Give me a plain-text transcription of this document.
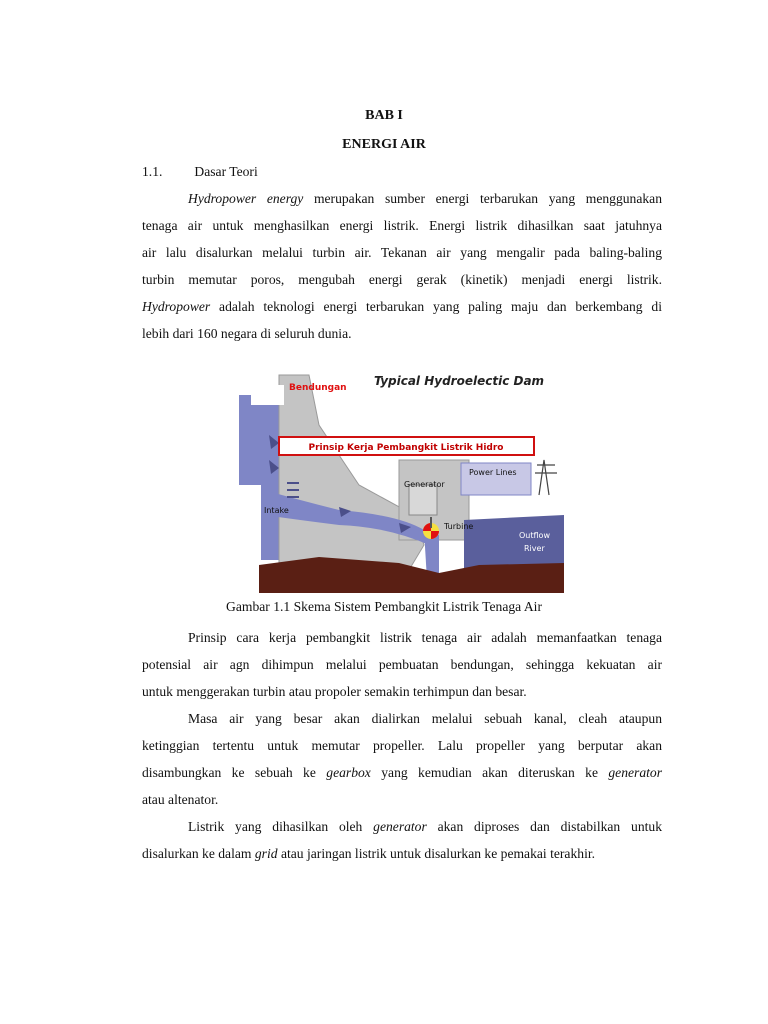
BAB I
ENERGI AIR
1.1. Dasar Teori
Hydropower energy merupakan sumber energi terbarukan yang menggunakan
tenaga air untuk menghasilkan energi listrik. Energi listrik dihasilkan saat jatuhnya
air lalu disalurkan melalui turbin air. Tekanan air yang mengalir pada baling-baling
turbin memutar poros, mengubah energi gerak (kinetik) menjadi energi listrik.
Hydropower adalah teknologi energi terbarukan yang paling maju dan berkembang di
lebih dari 160 negara di seluruh dunia.
Prinsip Kerja Pembangkit Listrik Hidro
Typical Hydroelectic Dam
Bendungan
Power Lines
Generator
Intake
Turbine
Outflow
River
Gambar 1.1 Skema Sistem Pembangkit Listrik Tenaga Air
Prinsip cara kerja pembangkit listrik tenaga air adalah memanfaatkan tenaga
potensial air agn dihimpun melalui pembuatan bendungan, sehingga kekuatan air
untuk menggerakan turbin atau propoler semakin terhimpun dan besar.
Masa air yang besar akan dialirkan melalui sebuah kanal, cleah ataupun
ketinggian tertentu untuk memutar propeller. Lalu propeller yang berputar akan
disambungkan ke sebuah ke gearbox yang kemudian akan diteruskan ke generator
atau altenator.
Listrik yang dihasilkan oleh generator akan diproses dan distabilkan untuk
disalurkan ke dalam grid atau jaringan listrik untuk disalurkan ke pemakai terakhir.
